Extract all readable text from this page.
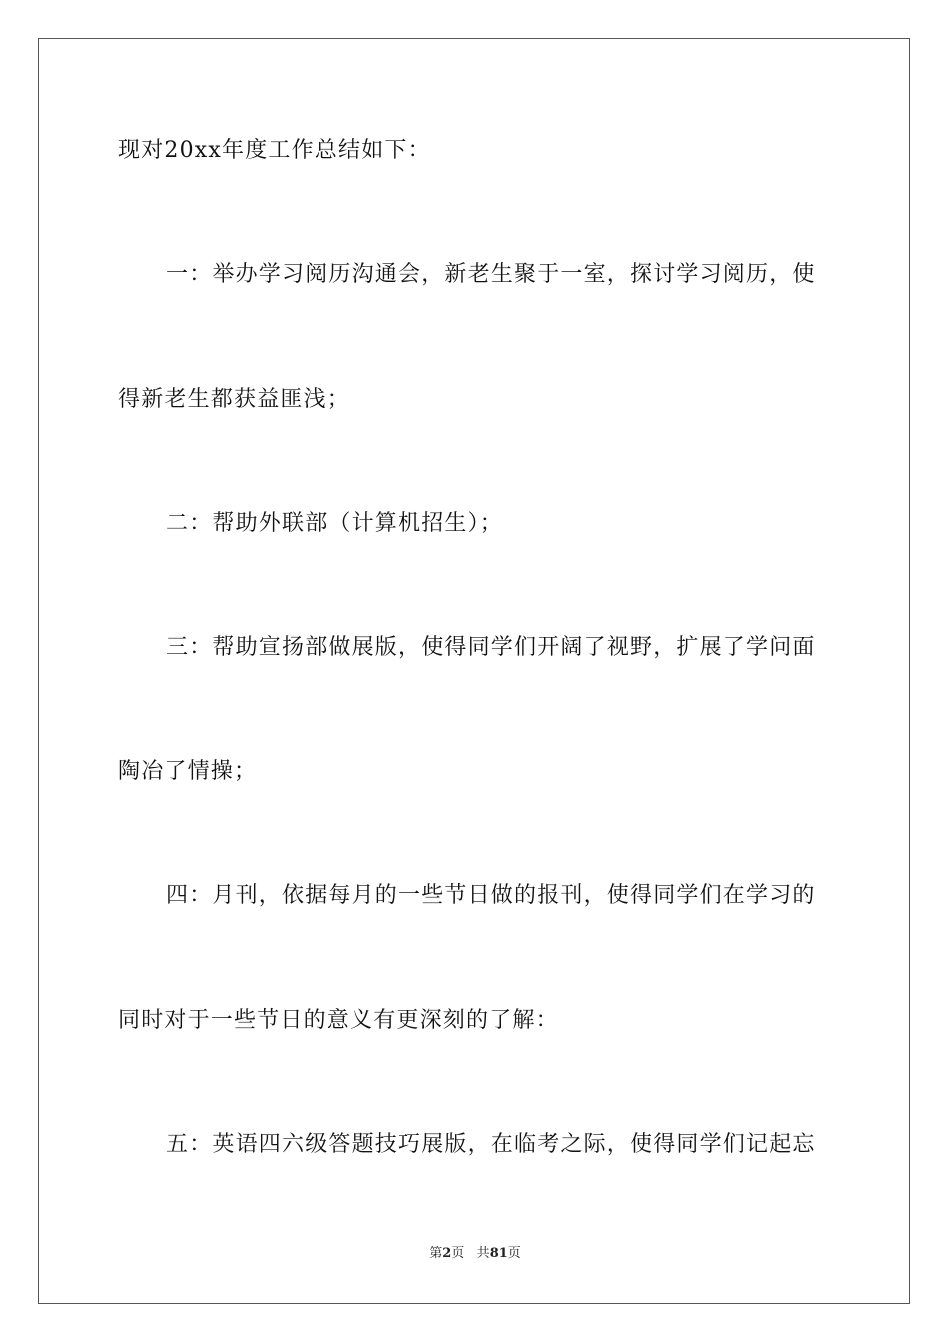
现对20xx年度工作总结如下：
一：举办学习阅历沟通会，新老生聚于一室，探讨学习阅历，使
得新老生都获益匪浅；
二：帮助外联部（计算机招生）；
三：帮助宣扬部做展版，使得同学们开阔了视野，扩展了学问面
陶冶了情操；
四：月刊，依据每月的一些节日做的报刊，使得同学们在学习的
同时对于一些节日的意义有更深刻的了解：
五：英语四六级答题技巧展版，在临考之际，使得同学们记起忘
第2页 共81页
